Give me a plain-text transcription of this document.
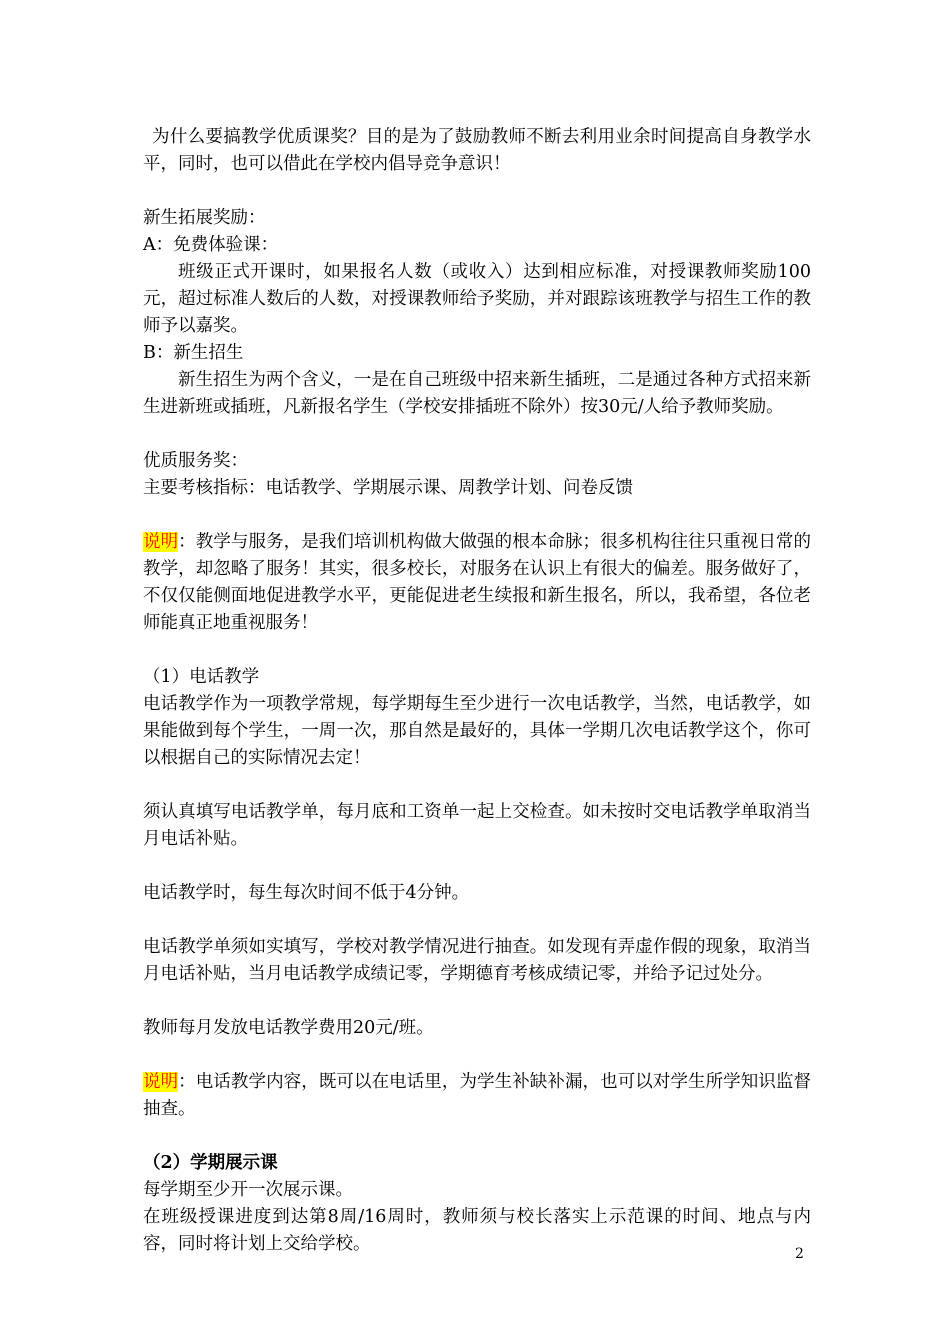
为什么要搞教学优质课奖？目的是为了鼓励教师不断去利用业余时间提高自身教学水平，同时，也可以借此在学校内倡导竞争意识！

新生拓展奖励：

A：免费体验课：

班级正式开课时，如果报名人数（或收入）达到相应标准，对授课教师奖励100元，超过标准人数后的人数，对授课教师给予奖励，并对跟踪该班教学与招生工作的教师予以嘉奖。

B：新生招生

新生招生为两个含义，一是在自己班级中招来新生插班，二是通过各种方式招来新生进新班或插班，凡新报名学生（学校安排插班不除外）按30元/人给予教师奖励。

优质服务奖：

主要考核指标：电话教学、学期展示课、周教学计划、问卷反馈

说明：教学与服务，是我们培训机构做大做强的根本命脉；很多机构往往只重视日常的教学，却忽略了服务！其实，很多校长，对服务在认识上有很大的偏差。服务做好了，不仅仅能侧面地促进教学水平，更能促进老生续报和新生报名，所以，我希望，各位老师能真正地重视服务！

（1）电话教学

电话教学作为一项教学常规，每学期每生至少进行一次电话教学，当然，电话教学，如果能做到每个学生，一周一次，那自然是最好的，具体一学期几次电话教学这个，你可以根据自己的实际情况去定！

须认真填写电话教学单，每月底和工资单一起上交检查。如未按时交电话教学单取消当月电话补贴。

电话教学时，每生每次时间不低于4分钟。

电话教学单须如实填写，学校对教学情况进行抽查。如发现有弄虚作假的现象，取消当月电话补贴，当月电话教学成绩记零，学期德育考核成绩记零，并给予记过处分。

教师每月发放电话教学费用20元/班。

说明：电话教学内容，既可以在电话里，为学生补缺补漏，也可以对学生所学知识监督抽查。

（2）学期展示课

每学期至少开一次展示课。

在班级授课进度到达第8周/16周时，教师须与校长落实上示范课的时间、地点与内容，同时将计划上交给学校。	2
